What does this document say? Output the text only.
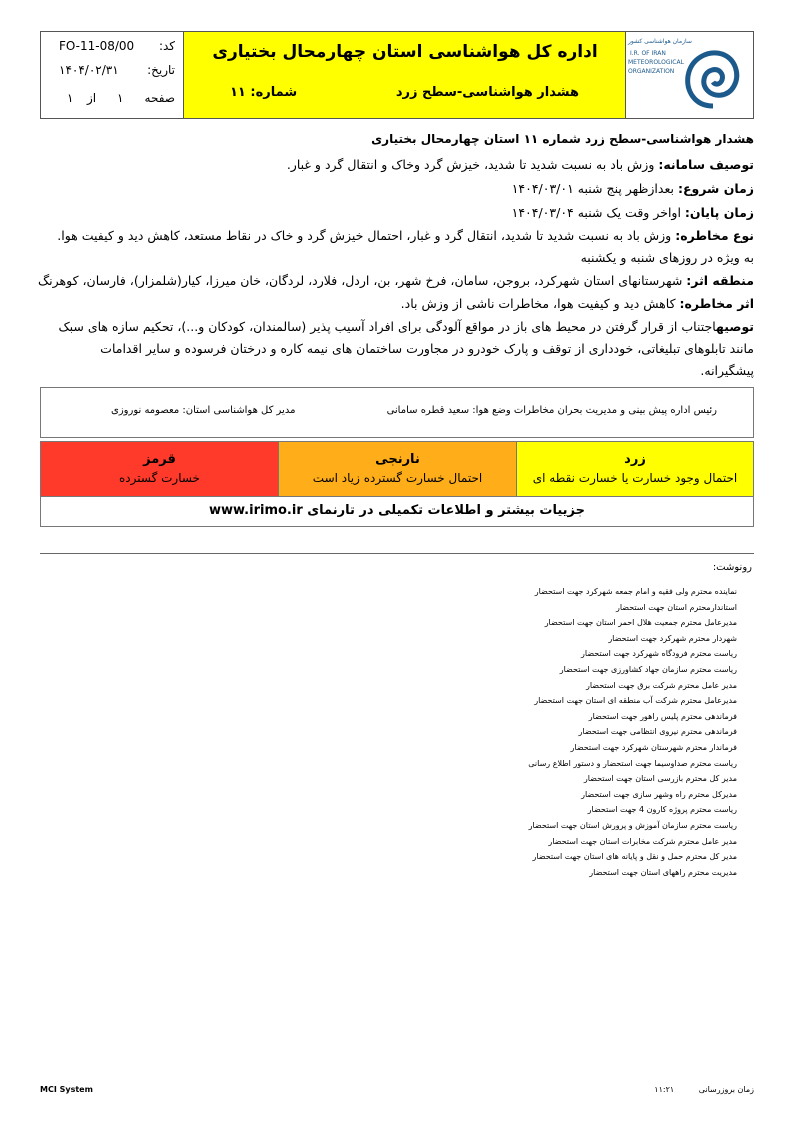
FO-11-08/00 کد:
۱۴۰۴/۰۲/۳۱ تاریخ:
۱ از ۱ صفحه
اداره کل هواشناسی استان چهارمحال بختیاری
هشدار هواشناسی-سطح زرد
شماره: ۱۱
سازمان هواشناسی کشور
I.R. OF IRAN
METEOROLOGICAL
ORGANIZATION
هشدار هواشناسی-سطح زرد شماره ۱۱ استان چهارمحال بختیاری
توصیف سامانه: وزش باد به نسبت شدید تا شدید، خیزش گرد وخاک و انتقال گرد و غبار.
زمان شروع: بعدازظهر پنج شنبه ۱۴۰۴/۰۳/۰۱
زمان پایان: اواخر وقت یک شنبه ۱۴۰۴/۰۳/۰۴
نوع مخاطره: وزش باد به نسبت شدید تا شدید، انتقال گرد و غبار، احتمال خیزش گرد و خاک در نقاط مستعد، کاهش دید و کیفیت هوا.
به ویژه در روزهای شنبه و یکشنبه
منطقه اثر: شهرستانهای استان شهرکرد، بروجن، سامان، فرخ شهر، بن، اردل، فلارد، لردگان، خان میرزا، کیار(شلمزار)، فارسان، کوهرنگ
اثر مخاطره: کاهش دید و کیفیت هوا، مخاطرات ناشی از وزش باد.
توصیهاجتناب از قرار گرفتن در محیط های باز در مواقع آلودگی برای افراد آسیب پذیر (سالمندان، کودکان و...)، تحکیم سازه های سبک
مانند تابلوهای تبلیغاتی، خودداری از توقف و پارک خودرو در مجاورت ساختمان های نیمه کاره و درختان فرسوده و سایر اقدامات
پیشگیرانه.
رئیس اداره پیش بینی و مدیریت بحران مخاطرات وضع هوا: سعید قطره سامانی
مدیر کل هواشناسی استان: معصومه نوروزی
قرمز
خسارت گسترده
نارنجی
احتمال خسارت گسترده زیاد است
زرد
احتمال وجود خسارت یا خسارت نقطه ای
جزییات بیشتر و اطلاعات تکمیلی در تارنمای www.irimo.ir
رونوشت:
نماینده محترم ولی فقیه و امام جمعه شهرکرد جهت استحضار
استاندارمحترم استان جهت استحضار
مدیرعامل محترم جمعیت هلال احمر استان جهت استحضار
شهردار محترم شهرکرد جهت استحضار
ریاست محترم فرودگاه شهرکرد جهت استحضار
ریاست محترم سازمان جهاد کشاورزی جهت استحضار
مدیر عامل محترم شرکت برق جهت استحضار
مدیرعامل محترم شرکت آب منطقه ای استان جهت استحضار
فرماندهی محترم پلیس راهور جهت استحضار
فرماندهی محترم نیروی انتظامی جهت استحضار
فرماندار محترم شهرستان شهرکرد جهت استحضار
ریاست محترم صداوسیما جهت استحضار و دستور اطلاع رسانی
مدیر کل محترم بازرسی استان جهت استحضار
مدیرکل محترم راه وشهر سازی جهت استحضار
ریاست محترم پروژه کارون 4 جهت استحضار
ریاست محترم سازمان آموزش و پرورش استان جهت استحضار
مدیر عامل محترم شرکت مخابرات استان جهت استحضار
مدیر کل محترم حمل و نقل و پایانه های استان جهت استحضار
مدیریت محترم راههای استان جهت استحضار
MCI System	زمان بروزرسانی ۱۱:۲۱
